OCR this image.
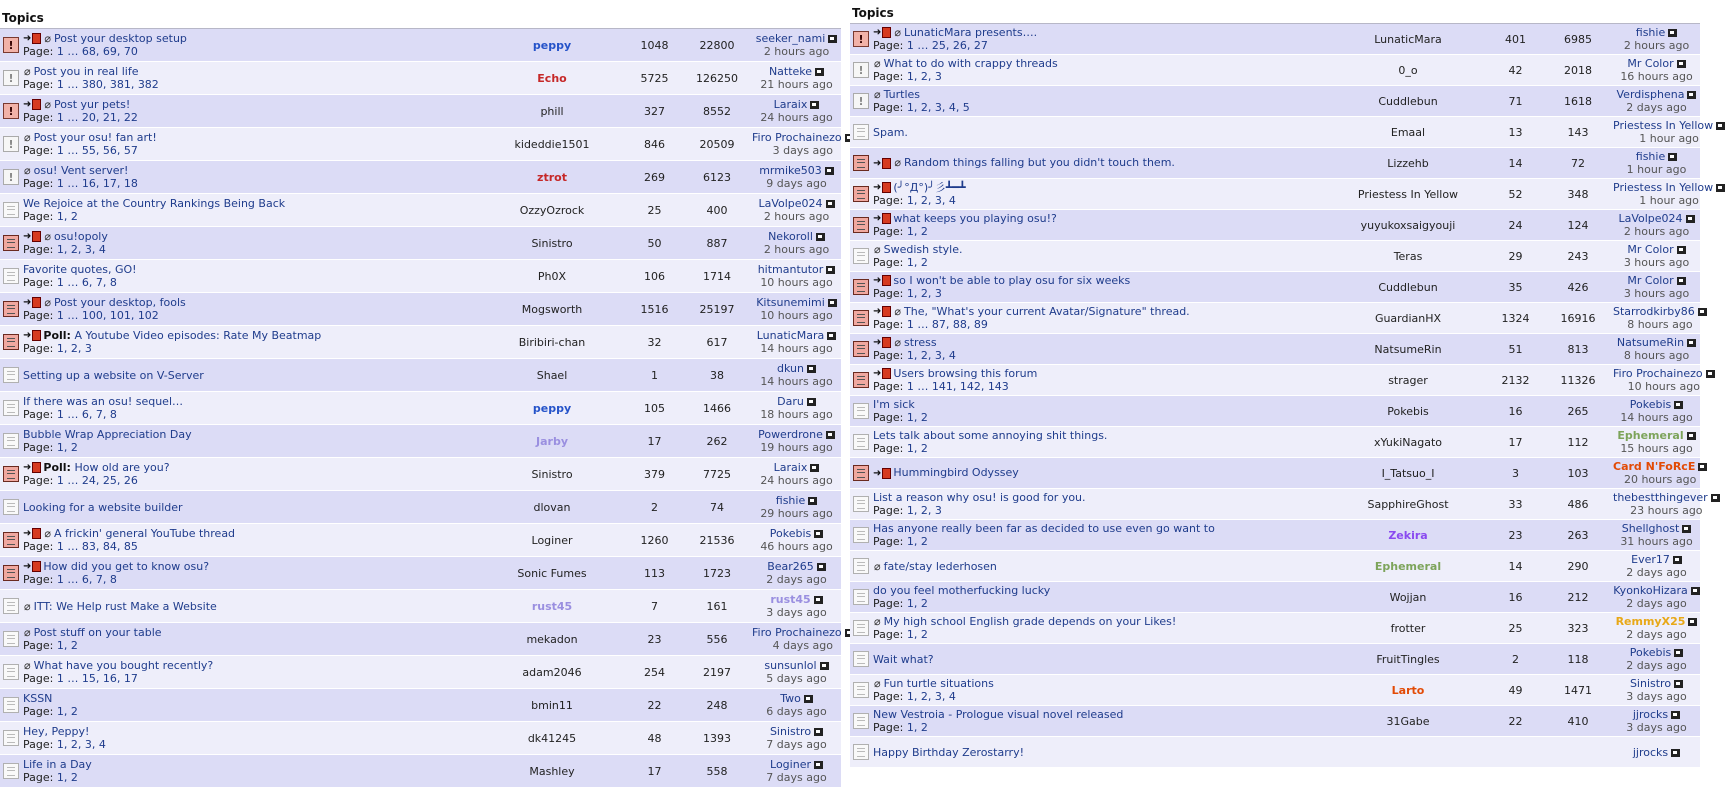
Topics
! ➜ ⌀ Post your desktop setup
Page: 1 … 68, 69, 70
peppy	1048	22800	seeker_nami
2 hours ago
! ⌀ Post you in real life
Page: 1 … 380, 381, 382	Echo	5725	126250	Natteke
21 hours ago
! ➜ ⌀ Post yur pets!
Page: 1 … 20, 21, 22
phill	327	8552	Laraix
24 hours ago
! ⌀ Post your osu! fan art!
Page: 1 … 55, 56, 57	kideddie1501	846	20509	Firo Prochainezo
3 days ago
! ⌀ osu! Vent server!
Page: 1 … 16, 17, 18	ztrot	269	6123	mrmike503
9 days ago
We Rejoice at the Country Rankings Being Back
Page: 1, 2	OzzyOzrock	25	400	LaVolpe024
2 hours ago
➜ ⌀ osu!opoly
Page: 1, 2, 3, 4
Sinistro	50	887	Nekoroll
2 hours ago
Favorite quotes, GO!
Page: 1 … 6, 7, 8	Ph0X	106	1714	hitmantutor
10 hours ago
➜ ⌀ Post your desktop, fools
Page: 1 … 100, 101, 102
Mogsworth	1516	25197	Kitsunemimi
10 hours ago
➜ Poll: A Youtube Video episodes: Rate My Beatmap
Page: 1, 2, 3
Biribiri-chan	32	617	LunaticMara
14 hours ago
Setting up a website on V-Server	Shael	1	38	dkun
14 hours ago
If there was an osu! sequel…
Page: 1 … 6, 7, 8	peppy	105	1466	Daru
18 hours ago
Bubble Wrap Appreciation Day
Page: 1, 2	Jarby	17	262	Powerdrone
19 hours ago
➜ Poll: How old are you?
Page: 1 … 24, 25, 26
Sinistro	379	7725	Laraix
24 hours ago
Looking for a website builder	dlovan	2	74	fishie
29 hours ago
➜ ⌀ A frickin' general YouTube thread
Page: 1 … 83, 84, 85
Loginer	1260	21536	Pokebis
46 hours ago
➜ How did you get to know osu?
Page: 1 … 6, 7, 8
Sonic Fumes	113	1723	Bear265
2 days ago
⌀ ITT: We Help rust Make a Website	rust45	7	161	rust45
3 days ago
⌀ Post stuff on your table
Page: 1, 2	mekadon	23	556	Firo Prochainezo
4 days ago
⌀ What have you bought recently?
Page: 1 … 15, 16, 17	adam2046	254	2197	sunsunlol
5 days ago
KSSN
Page: 1, 2	bmin11	22	248	Two
6 days ago
Hey, Peppy!
Page: 1, 2, 3, 4	dk41245	48	1393	Sinistro
7 days ago
Life in a Day
Page: 1, 2	Mashley	17	558	Loginer
7 days ago
Topics
! ➜ ⌀ LunaticMara presents….
Page: 1 … 25, 26, 27
LunaticMara	401	6985	fishie
2 hours ago
! ⌀ What to do with crappy threads
Page: 1, 2, 3	0_o	42	2018	Mr Color
16 hours ago
! ⌀ Turtles
Page: 1, 2, 3, 4, 5	Cuddlebun	71	1618	Verdisphena
2 days ago
Spam.	Emaal	13	143	Priestess In Yellow
1 hour ago
➜ ⌀ Random things falling but you didn't touch them.	Lizzehb	14	72	fishie
1 hour ago
➜ (╯°Д°)╯彡┻━┻
Page: 1, 2, 3, 4
Priestess In Yellow	52	348	Priestess In Yellow
1 hour ago
➜ what keeps you playing osu!?
Page: 1, 2
yuyukoxsaigyouji	24	124	LaVolpe024
2 hours ago
⌀ Swedish style.
Page: 1, 2	Teras	29	243	Mr Color
3 hours ago
➜ so I won't be able to play osu for six weeks
Page: 1, 2, 3
Cuddlebun	35	426	Mr Color
3 hours ago
➜ ⌀ The, "What's your current Avatar/Signature" thread.
Page: 1 … 87, 88, 89
GuardianHX	1324	16916	Starrodkirby86
8 hours ago
➜ ⌀ stress
Page: 1, 2, 3, 4
NatsumeRin	51	813	NatsumeRin
8 hours ago
➜ Users browsing this forum
Page: 1 … 141, 142, 143
strager	2132	11326	Firo Prochainezo
10 hours ago
I'm sick
Page: 1, 2	Pokebis	16	265	Pokebis
14 hours ago
Lets talk about some annoying shit things.
Page: 1, 2	xYukiNagato	17	112	Ephemeral
15 hours ago
➜ Hummingbird Odyssey	I_Tatsuo_I	3	103	Card N'FoRcE
20 hours ago
List a reason why osu! is good for you.
Page: 1, 2, 3	SapphireGhost	33	486	thebestthingever
23 hours ago
Has anyone really been far as decided to use even go want to
Page: 1, 2	Zekira	23	263	Shellghost
31 hours ago
⌀ fate/stay lederhosen	Ephemeral	14	290	Ever17
2 days ago
do you feel motherfucking lucky
Page: 1, 2	Wojjan	16	212	KyonkoHizara
2 days ago
⌀ My high school English grade depends on your Likes!
Page: 1, 2	frotter	25	323	RemmyX25
2 days ago
Wait what?	FruitTingles	2	118	Pokebis
2 days ago
⌀ Fun turtle situations
Page: 1, 2, 3, 4	Larto	49	1471	Sinistro
3 days ago
New Vestroia - Prologue visual novel released
Page: 1, 2	31Gabe	22	410	jjrocks
3 days ago
Happy Birthday Zerostarry!	jjrocks
